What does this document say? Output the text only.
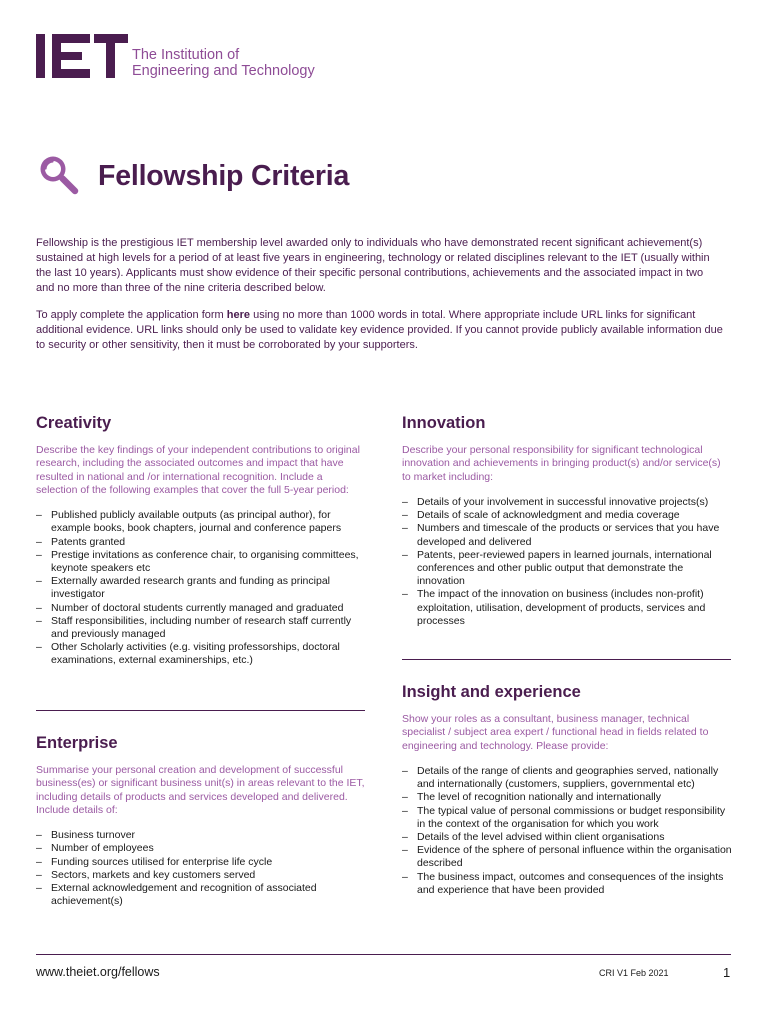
The Institution of
Engineering and Technology
Fellowship Criteria

Fellowship is the prestigious IET membership level awarded only to individuals who have demonstrated recent significant achievement(s) sustained at high levels for a period of at least five years in engineering, technology or related disciplines relevant to the IET (usually within the last 10 years). Applicants must show evidence of their specific personal contributions, achievements and the associated impact in two and no more than three of the nine criteria described below.

To apply complete the application form here using no more than 1000 words in total. Where appropriate include URL links for significant additional evidence. URL links should only be used to validate key evidence provided. If you cannot provide publicly available information due to security or other sensitivity, then it must be corroborated by your supporters.

Creativity

Describe the key findings of your independent contributions to original research, including the associated outcomes and impact that have resulted in national and /or international recognition. Include a selection of the following examples that cover the full 5-year period:

– Published publicly available outputs (as principal author), for example books, book chapters, journal and conference papers
– Patents granted
– Prestige invitations as conference chair, to organising committees, keynote speakers etc
– Externally awarded research grants and funding as principal investigator
– Number of doctoral students currently managed and graduated
– Staff responsibilities, including number of research staff currently and previously managed
– Other Scholarly activities (e.g. visiting professorships, doctoral examinations, external examinerships, etc.)
Enterprise

Summarise your personal creation and development of successful business(es) or significant business unit(s) in areas relevant to the IET, including details of products and services developed and delivered. Include details of:

– Business turnover
– Number of employees
– Funding sources utilised for enterprise life cycle
– Sectors, markets and key customers served
– External acknowledgement and recognition of associated achievement(s)
Innovation

Describe your personal responsibility for significant technological innovation and achievements in bringing product(s) and/or service(s) to market including:

– Details of your involvement in successful innovative projects(s)
– Details of scale of acknowledgment and media coverage
– Numbers and timescale of the products or services that you have developed and delivered
– Patents, peer-reviewed papers in learned journals, international conferences and other public output that demonstrate the innovation
– The impact of the innovation on business (includes non-profit) exploitation, utilisation, development of products, services and processes
Insight and experience

Show your roles as a consultant, business manager, technical specialist / subject area expert / functional head in fields related to engineering and technology. Please provide:

– Details of the range of clients and geographies served, nationally and internationally (customers, suppliers, governmental etc)
– The level of recognition nationally and internationally
– The typical value of personal commissions or budget responsibility in the context of the organisation for which you work
– Details of the level advised within client organisations
– Evidence of the sphere of personal influence within the organisation described
– The business impact, outcomes and consequences of the insights and experience that have been provided
www.theiet.org/fellows	CRI V1 Feb 2021	1
